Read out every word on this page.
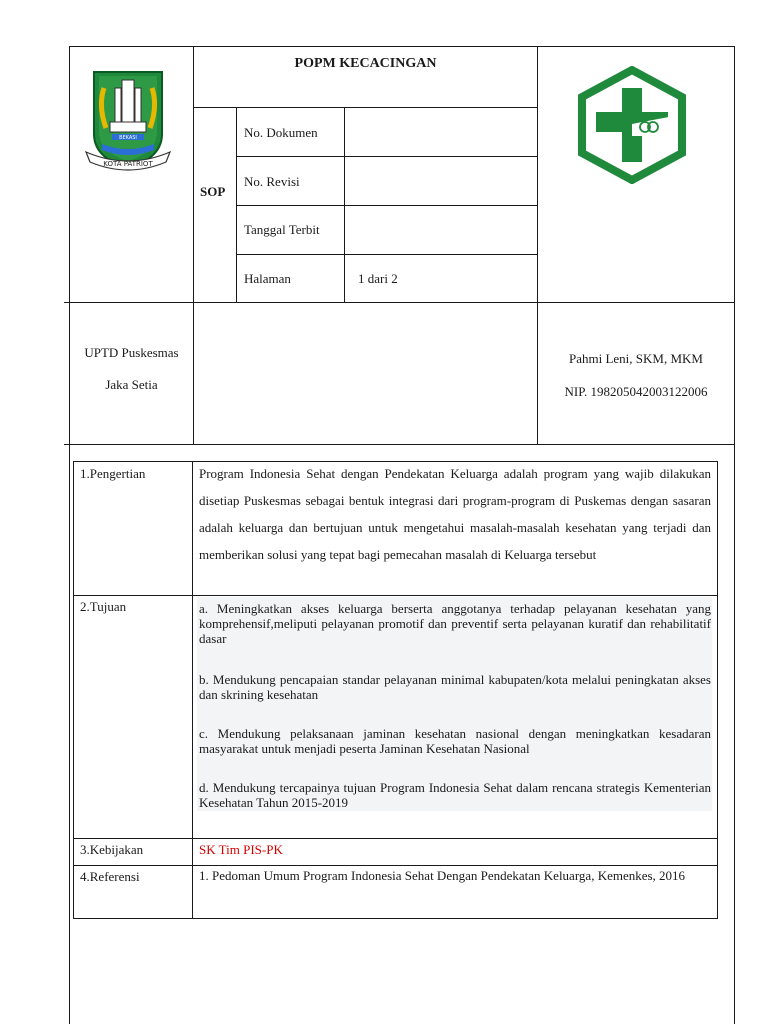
POPM KECACINGAN
SOP
No. Dokumen
No. Revisi
Tanggal Terbit
Halaman	1 dari 2
KOTA PATRIOT
BEKASI
UPTD Puskesmas
Jaka Setia
Pahmi Leni, SKM, MKM
NIP. 198205042003122006
1.Pengertian
2.Tujuan
3.Kebijakan
4.Referensi
Program Indonesia Sehat dengan Pendekatan Keluarga adalah program yang wajib dilakukan disetiap Puskesmas sebagai bentuk integrasi dari program-program di Puskemas dengan sasaran adalah keluarga dan bertujuan untuk mengetahui masalah-masalah kesehatan yang terjadi dan memberikan solusi yang tepat bagi pemecahan masalah di Keluarga tersebut
a. Meningkatkan akses keluarga berserta anggotanya terhadap pelayanan kesehatan yang komprehensif,meliputi pelayanan promotif dan preventif serta pelayanan kuratif dan rehabilitatif dasar
b. Mendukung pencapaian standar pelayanan minimal kabupaten/kota melalui peningkatan akses dan skrining kesehatan
c. Mendukung pelaksanaan jaminan kesehatan nasional dengan meningkatkan kesadaran masyarakat untuk menjadi peserta Jaminan Kesehatan Nasional
d. Mendukung tercapainya tujuan Program Indonesia Sehat dalam rencana strategis Kementerian Kesehatan Tahun 2015-2019
SK Tim PIS-PK
1. Pedoman Umum Program Indonesia Sehat Dengan Pendekatan Keluarga, Kemenkes, 2016
